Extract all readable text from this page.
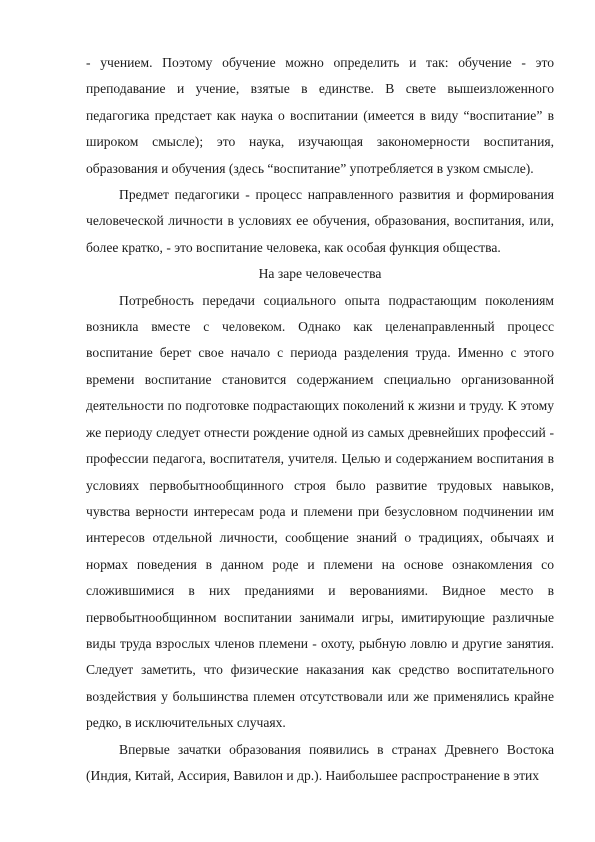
- учением. Поэтому обучение можно определить и так: обучение - это преподавание и учение, взятые в единстве. В свете вышеизложенного педагогика предстает как наука о воспитании (имеется в виду “воспитание” в широком смысле); это наука, изучающая закономерности воспитания, образования и обучения (здесь “воспитание” употребляется в узком смысле).

Предмет педагогики - процесс направленного развития и формирования человеческой личности в условиях ее обучения, образования, воспитания, или, более кратко, - это воспитание человека, как особая функция общества.

На заре человечества

Потребность передачи социального опыта подрастающим поколениям возникла вместе с человеком. Однако как целенаправленный процесс воспитание берет свое начало с периода разделения труда. Именно с этого времени воспитание становится содержанием специально организованной деятельности по подготовке подрастающих поколений к жизни и труду. К этому же периоду следует отнести рождение одной из самых древнейших профессий - профессии педагога, воспитателя, учителя. Целью и содержанием воспитания в условиях первобытнообщинного строя было развитие трудовых навыков, чувства верности интересам рода и племени при безусловном подчинении им интересов отдельной личности, сообщение знаний о традициях, обычаях и нормах поведения в данном роде и племени на основе ознакомления со сложившимися в них преданиями и верованиями. Видное место в первобытнообщинном воспитании занимали игры, имитирующие различные виды труда взрослых членов племени - охоту, рыбную ловлю и другие занятия. Следует заметить, что физические наказания как средство воспитательного воздействия у большинства племен отсутствовали или же применялись крайне редко, в исключительных случаях.

Впервые зачатки образования появились в странах Древнего Востока (Индия, Китай, Ассирия, Вавилон и др.). Наибольшее распространение в этих
